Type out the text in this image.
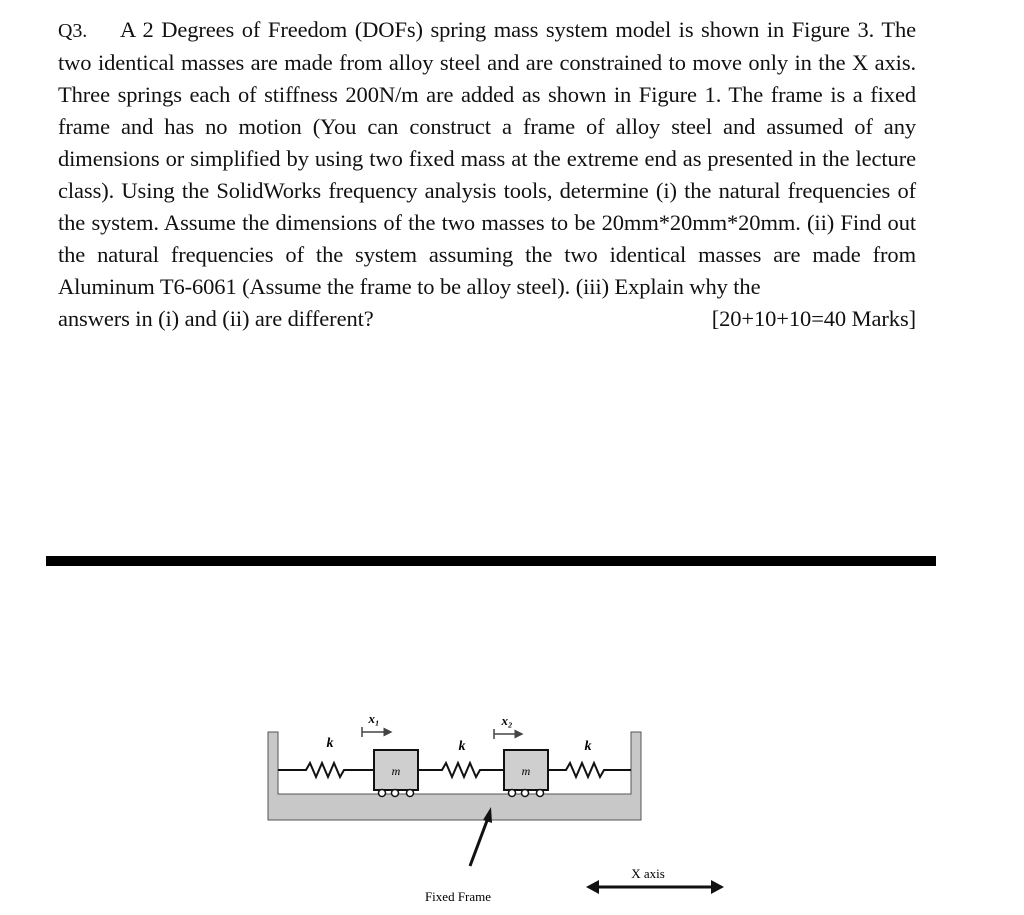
Q3. A 2 Degrees of Freedom (DOFs) spring mass system model is shown in Figure 3. The two identical masses are made from alloy steel and are constrained to move only in the X axis. Three springs each of stiffness 200N/m are added as shown in Figure 1. The frame is a fixed frame and has no motion (You can construct a frame of alloy steel and assumed of any dimensions or simplified by using two fixed mass at the extreme end as presented in the lecture class). Using the SolidWorks frequency analysis tools, determine (i) the natural frequencies of the system. Assume the dimensions of the two masses to be 20mm*20mm*20mm. (ii) Find out the natural frequencies of the system assuming the two identical masses are made from Aluminum T6-6061 (Assume the frame to be alloy steel). (iii) Explain why the
answers in (i) and (ii) are different?	[20+10+10=40 Marks]
k	k	k
m	m
x₁	x₂
Fixed Frame
X axis
